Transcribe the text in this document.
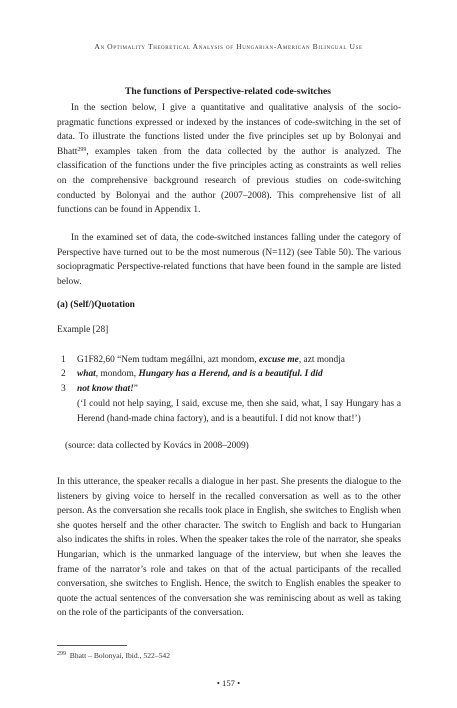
An Optimality Theoretical Analysis of Hungarian-American Bilingual Use
The functions of Perspective-related code-switches

In the section below, I give a quantitative and qualitative analysis of the socio-pragmatic functions expressed or indexed by the instances of code-switching in the set of data. To illustrate the functions listed under the five principles set up by Bolonyai and Bhatt$^{299}$, examples taken from the data collected by the author is analyzed. The classification of the functions under the five principles acting as constraints as well relies on the comprehensive background research of previous studies on code-switching conducted by Bolonyai and the author (2007–2008). This comprehensive list of all functions can be found in Appendix 1.

In the examined set of data, the code-switched instances falling under the category of Perspective have turned out to be the most numerous (N=112) (see Table 50). The various sociopragmatic Perspective-related functions that have been found in the sample are listed below.

(a) (Self/)Quotation
Example [28]
1 G1F82,60 “Nem tudtam megállni, azt mondom, excuse me, azt mondja
2 what, mondom, Hungary has a Herend, and is a beautiful. I did
3 not know that!”

(‘I could not help saying, I said, excuse me, then she said, what, I say Hungary has a Herend (hand-made china factory), and is a beautiful. I did not know that!’)

(source: data collected by Kovács in 2008–2009)

In this utterance, the speaker recalls a dialogue in her past. She presents the dialogue to the listeners by giving voice to herself in the recalled conversation as well as to the other person. As the conversation she recalls took place in English, she switches to English when she quotes herself and the other character. The switch to English and back to Hungarian also indicates the shifts in roles. When the speaker takes the role of the narrator, she speaks Hungarian, which is the unmarked language of the interview, but when she leaves the frame of the narrator’s role and takes on that of the actual participants of the recalled conversation, she switches to English. Hence, the switch to English enables the speaker to quote the actual sentences of the conversation she was reminiscing about as well as taking on the role of the participants of the conversation.

$^{299}$ Bhatt – Bolonyai, Ibid., 522–542
• 157 •
